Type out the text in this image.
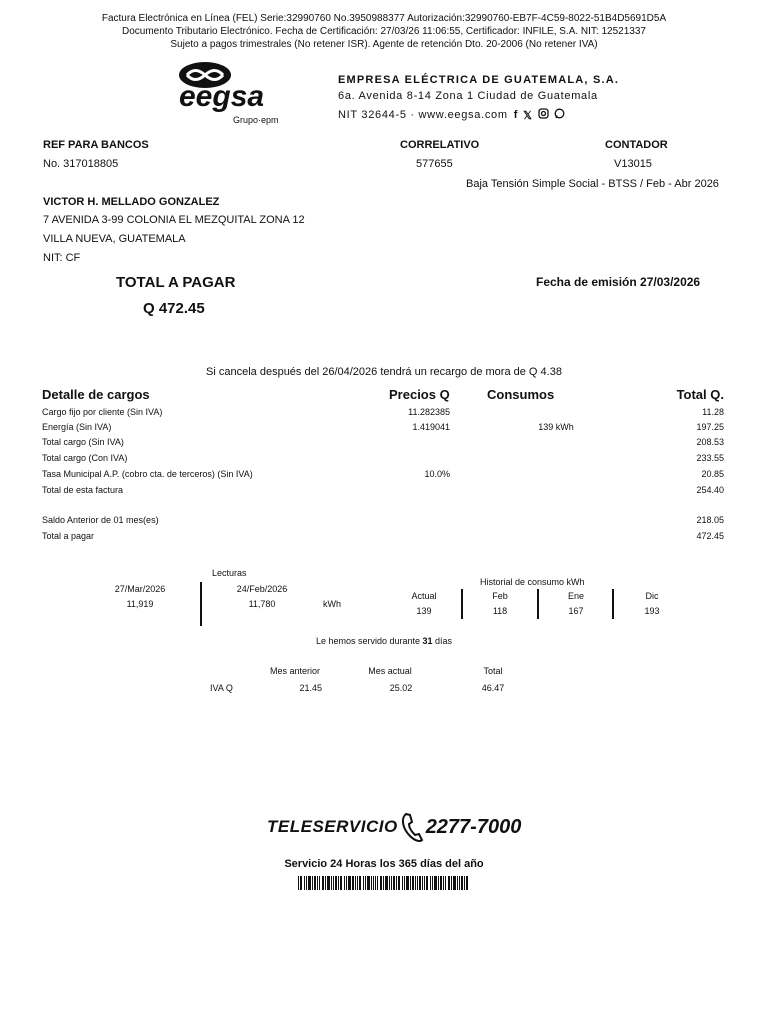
Factura Electrónica en Línea (FEL) Serie:32990760 No.3950988377 Autorización:32990760-EB7F-4C59-8022-51B4D5691D5A
Documento Tributario Electrónico. Fecha de Certificación: 27/03/26 11:06:55, Certificador: INFILE, S.A. NIT: 12521337
Sujeto a pagos trimestrales (No retener ISR). Agente de retención Dto. 20-2006 (No retener IVA)
eegsa
Grupo·epm
EMPRESA ELÉCTRICA DE GUATEMALA, S.A.
6a. Avenida 8-14 Zona 1 Ciudad de Guatemala
NIT 32644-5 · www.eegsa.com f 𝕏
REF PARA BANCOS
No. 317018805
CORRELATIVO
577655
CONTADOR
V13015
Baja Tensión Simple Social - BTSS / Feb - Abr 2026
VICTOR H. MELLADO GONZALEZ
7 AVENIDA 3-99 COLONIA EL MEZQUITAL ZONA 12
VILLA NUEVA, GUATEMALA
NIT: CF
TOTAL A PAGAR
Q 472.45
Fecha de emisión 27/03/2026
Si cancela después del 26/04/2026 tendrá un recargo de mora de Q 4.38
Detalle de cargos	Precios Q	Consumos	Total Q.
Cargo fijo por cliente (Sin IVA)	11.282385	11.28
Energía (Sin IVA)	1.419041	139 kWh	197.25
Total cargo (Sin IVA)	208.53
Total cargo (Con IVA)	233.55
Tasa Municipal A.P. (cobro cta. de terceros) (Sin IVA)	10.0%	20.85
Total de esta factura	254.40
Saldo Anterior de 01 mes(es)	218.05
Total a pagar	472.45
Lecturas
27/Mar/2026
11,919
24/Feb/2026
11,780	kWh
Historial de consumo kWh
Actual
139
Feb
118
Ene
167
Dic
193
Le hemos servido durante 31 días
Mes anterior	Mes actual	Total
IVA Q	21.45	25.02	46.47
TELESERVICIO 2277-7000
Servicio 24 Horas los 365 días del año
